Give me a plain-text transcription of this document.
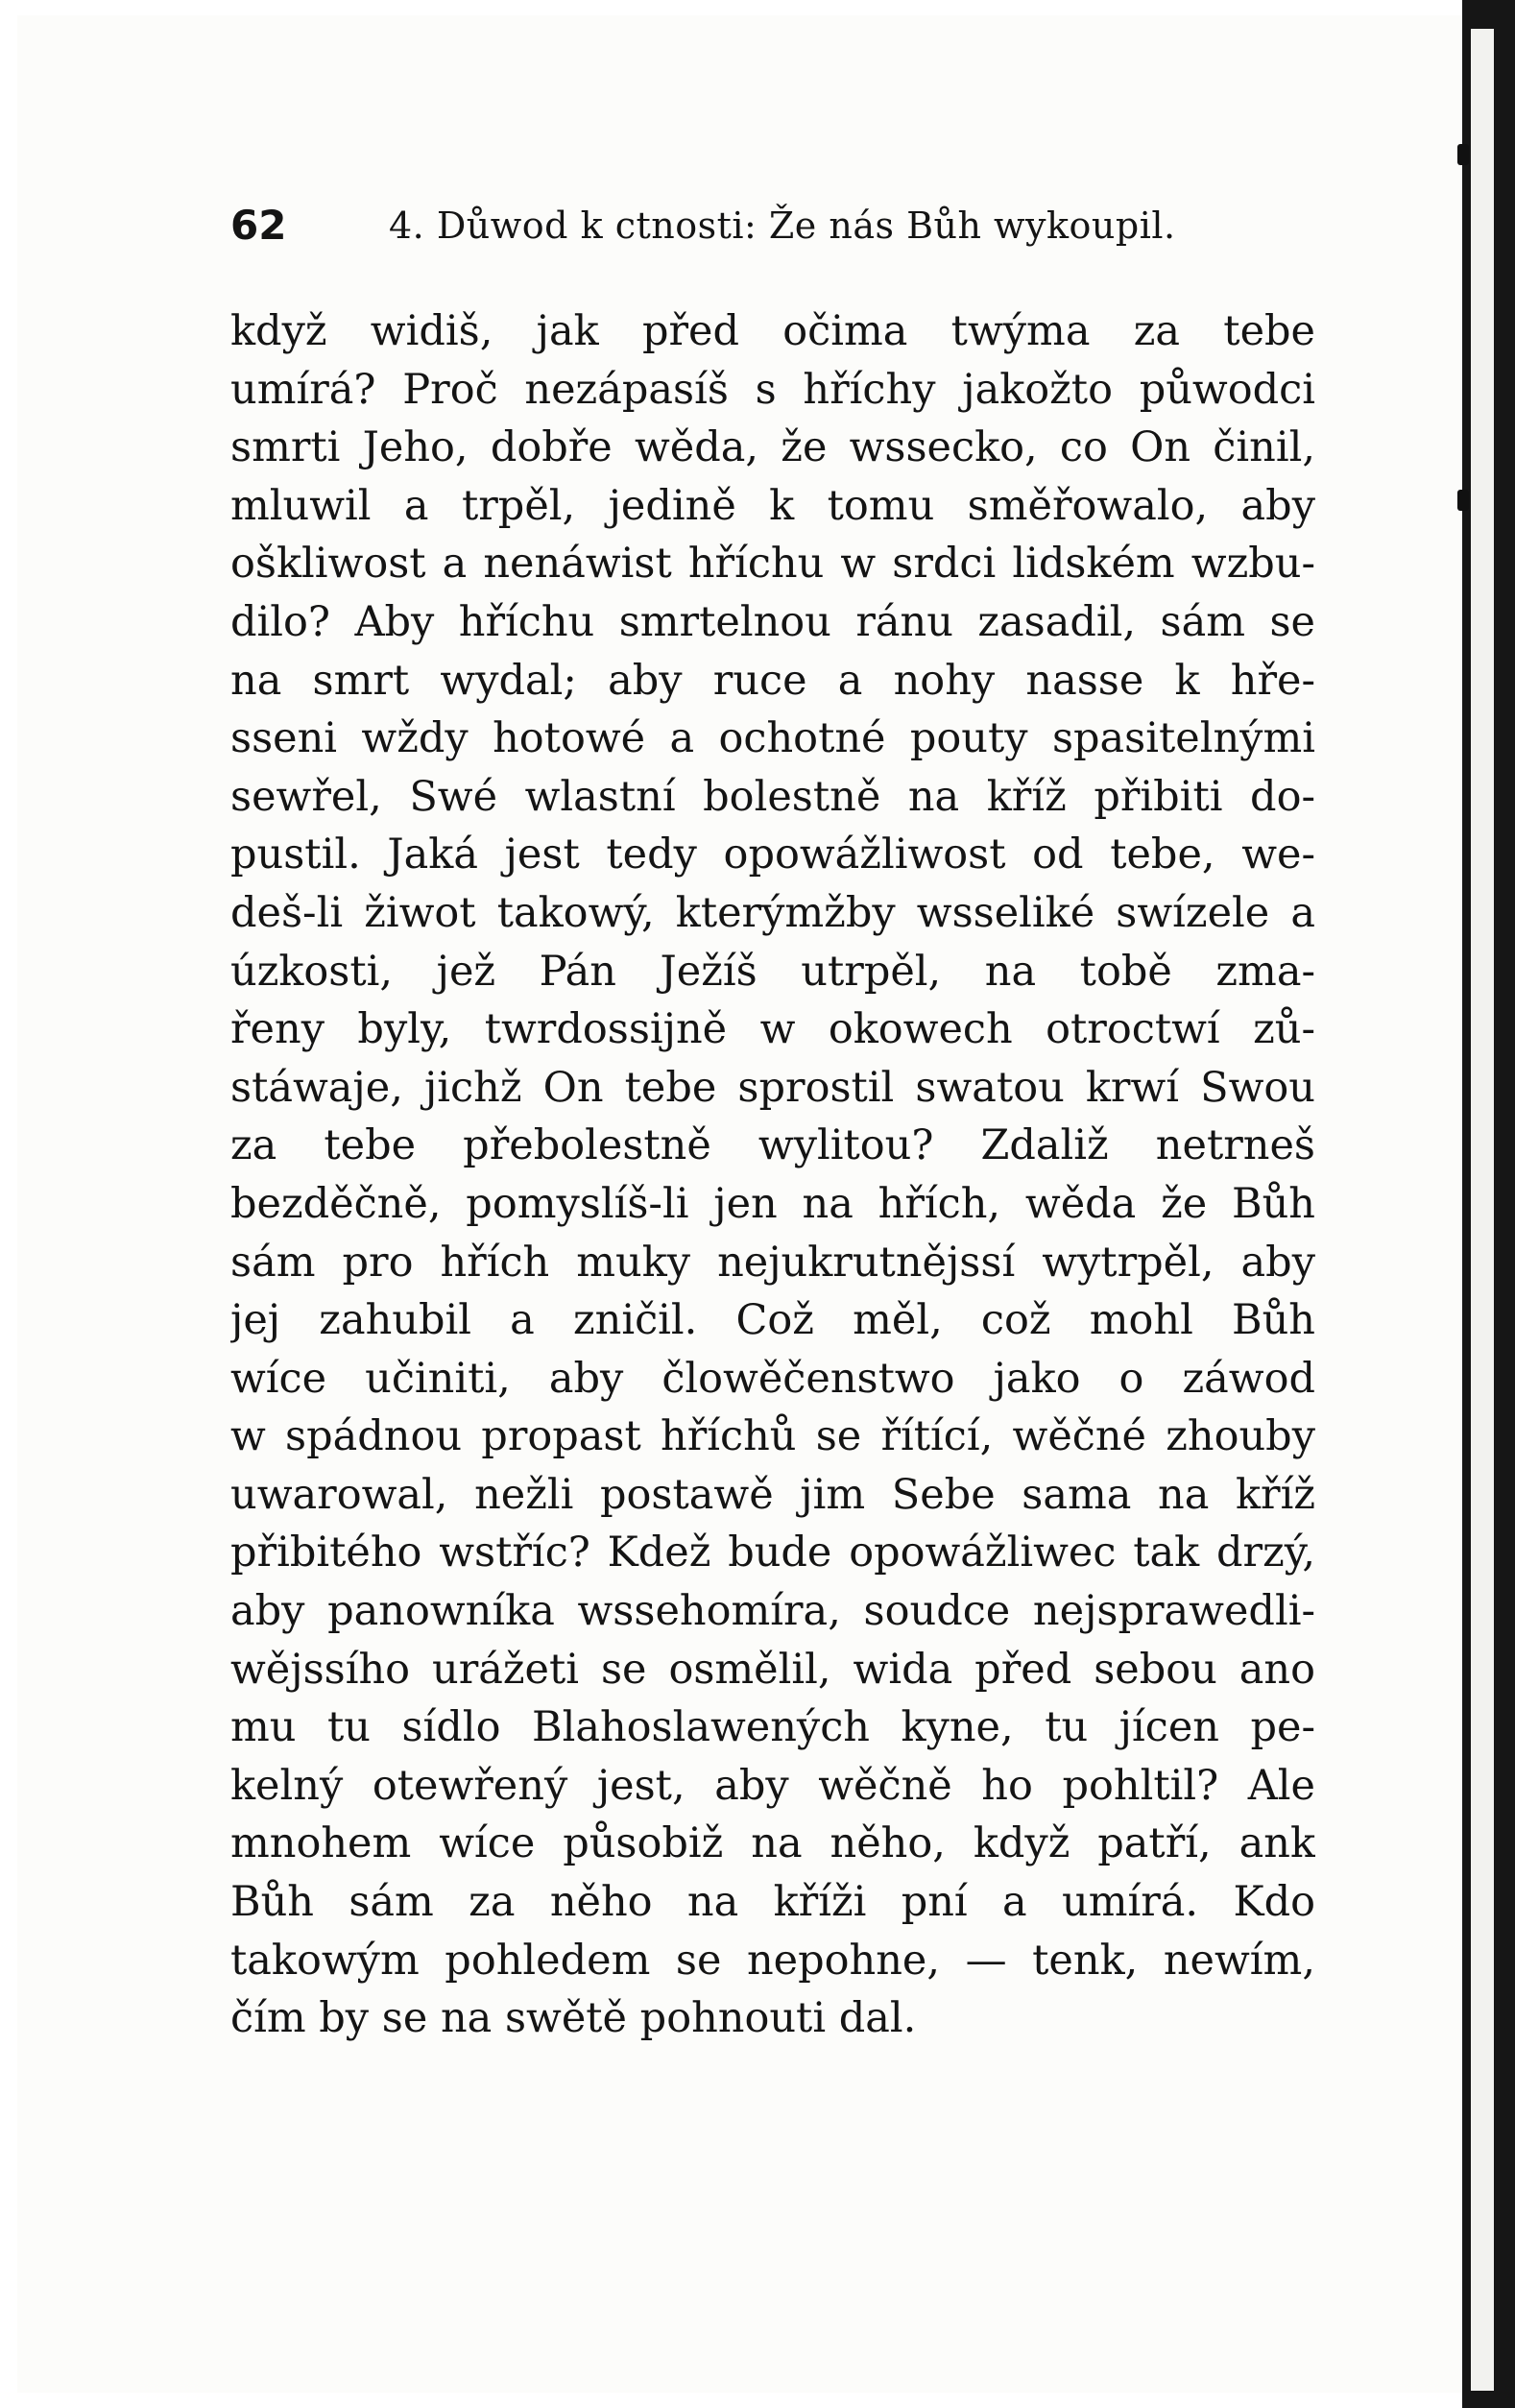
62	4. Důwod k ctnosti: Že nás Bůh wykoupil.
když widiš, jak před očima twýma za tebe
umírá? Proč nezápasíš s hříchy jakožto půwodci
smrti Jeho, dobře wěda, že wsseckо, co On činil,
mluwil a trpěl, jedině k tomu směřowalo, aby
ošklіwost a nenáwist hříchu w srdci lidském wzbu-
dilo? Aby hříchu smrtelnou ránu zasadil, sám se
na smrt wydal; aby ruce a nohy nasse k hře-
sseni wždy hotowé a ochotné pouty spasitelnými
sewřel, Swé wlastní bolestně na kříž přibiti do-
pustil. Jaká jest tedy opowážliwost od tebe, we-
deš-li žiwot takowý, kterýmžby wsseliké swízele a
úzkosti, jež Pán Ježíš utrpěl, na tobě zma-
řeny byly, twrdossijně w okowech otroctwí zů-
stáwaje, jichž On tebe sprostil swatou krwí Swou
za tebe přebolestně wylitou? Zdaliž netrneš
bezděčně, pomyslíš-li jen na hřích, wěda že Bůh
sám pro hřích muky nejukrutnějssí wytrpěl, aby
jej zahubil a zničil. Což měl, což mohl Bůh
wíce učiniti, aby člowěčenstwo jako o záwod
w spádnou propast hříchů se řítící, wěčné zhouby
uwarowal, nežli postawě jim Sebe sama na kříž
přibitého wstříc? Kdež bude opowážliwec tak drzý,
aby panowníka wssehomíra, soudce nejsprawedli-
wějssího urážeti se osmělil, wida před sebou ano
mu tu sídlo Blahoslawených kyne, tu jícen pe-
kelný otewřený jest, aby wěčně ho pohltil? Ale
mnohem wíce působiž na něho, když patří, ank
Bůh sám za něho na kříži pní a umírá. Kdo
takowým pohledem se nepohne, — tenk, newím,
čím by se na swětě pohnouti dal.
